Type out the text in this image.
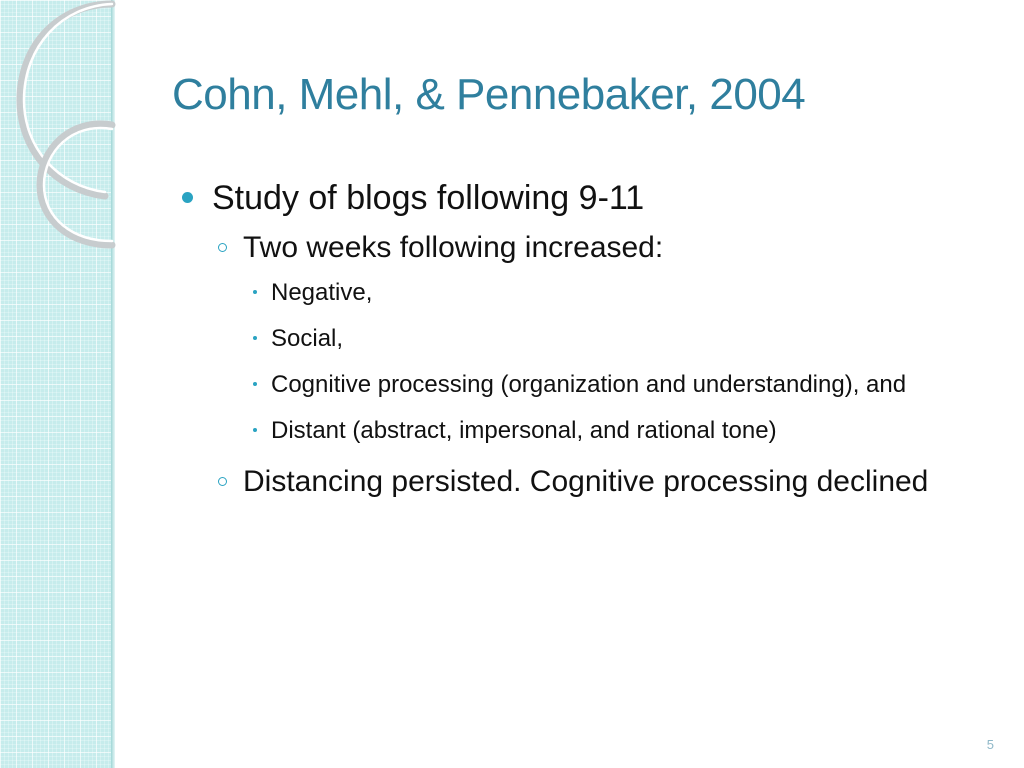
Cohn, Mehl, & Pennebaker, 2004
Study of blogs following 9-11
Two weeks following increased:
Negative,
Social,
Cognitive processing (organization and understanding), and
Distant (abstract, impersonal, and rational tone)
Distancing persisted. Cognitive processing declined
5
